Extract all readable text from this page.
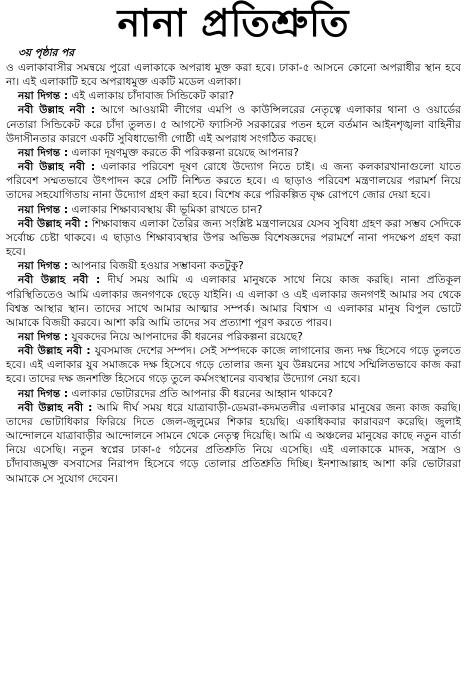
নানা প্রতিশ্রুতি
৩য় পৃষ্ঠার পর

ও এলাকাবাসীর সমন্বয়ে পুরো এলাকাকে অপরাধ মুক্ত করা হবে। ঢাকা-৫ আসনে কোনো অপরাধীর স্থান হবে না। এই এলাকাটি হবে অপরাধমুক্ত একটি মডেল এলাকা।

নয়া দিগন্ত : এই এলাকায় চাঁদাবাজ সিন্ডিকেট কারা?

নবী উল্লাহ নবী : আগে আওয়ামী লীগের এমপি ও কাউন্সিলরের নেতৃত্বে এলাকার থানা ও ওয়ার্ডের নেতারা সিন্ডিকেট করে চাঁদা তুলত। ৫ আগস্টে ফ্যাসিস্ট সরকারের পতন হলে বর্তমান আইনশৃঙ্খলা বাহিনীর উদাসীনতার কারণে একটি সুবিধাভোগী গোষ্ঠী এই অপরাধ সংগঠিত করছে।

নয়া দিগন্ত : এলাকা দূষণমুক্ত করতে কী পরিকল্পনা রয়েছে আপনার?

নবী উল্লাহ নবী : এলাকার পরিবেশ দূষণ রোধে উদ্যোগ নিতে চাই। এ জন্য কলকারখানাগুলো যাতে পরিবেশ সম্মতভাবে উৎপাদন করে সেটি নিশ্চিত করতে হবে। এ ছাড়াও পরিবেশ মন্ত্রণালয়ের পরামর্শ নিয়ে তাদের সহযোগিতায় নানা উদ্যোগ গ্রহণ করা হবে। বিশেষ করে পরিকল্পিত বৃক্ষ রোপণে জোর দেয়া হবে।

নয়া দিগন্ত : এলাকার শিক্ষাব্যবস্থায় কী ভূমিকা রাখতে চান?

নবী উল্লাহ নবী : শিক্ষাবান্ধব এলাকা তৈরির জন্য সংশ্লিষ্ট মন্ত্রণালয়ের যেসব সুবিধা গ্রহণ করা সম্ভব সেদিকে সর্বোচ্চ চেষ্টা থাকবে। এ ছাড়াও শিক্ষাব্যবস্থার উপর অভিজ্ঞ বিশেষজ্ঞদের পরামর্শে নানা পদক্ষেপ গ্রহণ করা হবে।

নয়া দিগন্ত : আপনার বিজয়ী হওয়ার সম্ভাবনা কতটুকু?

নবী উল্লাহ নবী : দীর্ঘ সময় আমি এ এলাকার মানুষকে সাথে নিয়ে কাজ করছি। নানা প্রতিকূল পরিস্থিতিতেও আমি এলাকার জনগণকে ছেড়ে যাইনি। এ এলাকা ও এই এলাকার জনগণই আমার সব থেকে বিশ্বস্ত আস্থার স্থান। তাদের সাথে আমার আত্মার সম্পর্ক। আমার বিশ্বাস এ এলাকার মানুষ বিপুল ভোটে আমাকে বিজয়ী করবে। আশা করি আমি তাদের সব প্রত্যাশা পূরণ করতে পারব।

নয়া দিগন্ত : যুবকদের নিয়ে আপনাদের কী ধরনের পরিকল্পনা রয়েছে?

নবী উল্লাহ নবী : যুবসমাজ দেশের সম্পদ। সেই সম্পদকে কাজে লাগানোর জন্য দক্ষ হিসেবে গড়ে তুলতে হবে। এই এলাকার যুব সমাজকে দক্ষ হিসেবে গড়ে তোলার জন্য যুব উন্নয়নের সাথে সম্মিলিতভাবে কাজ করা হবে। তাদের দক্ষ জনশক্তি হিসেবে গড়ে তুলে কর্মসংস্থানের ব্যবস্থার উদ্যোগ নেয়া হবে।

নয়া দিগন্ত : এলাকার ভোটারদের প্রতি আপনার কী ধরনের আহ্বান থাকবে?

নবী উল্লাহ নবী : আমি দীর্ঘ সময় ধরে যাত্রাবাড়ী-ডেমরা-কদমতলীর এলাকার মানুষের জন্য কাজ করছি। তাদের ভোটাধিকার ফিরিয়ে দিতে জেল-জুলুমের শিকার হয়েছি। একাধিকবার কারাবরণ করেছি। জুলাই আন্দোলনে যাত্রাবাড়ীর আন্দোলনে সামনে থেকে নেতৃত্ব দিয়েছি। আমি এ অঞ্চলের মানুষের কাছে নতুন বার্তা নিয়ে এসেছি। নতুন স্বপ্নের ঢাকা-৫ গঠনের প্রতিশ্রুতি নিয়ে এসেছি। এই এলাকাকে মাদক, সন্ত্রাস ও চাঁদাবাজমুক্ত বসবাসের নিরাপদ হিসেবে গড়ে তোলার প্রতিশ্রুতি দিচ্ছি। ইনশাআল্লাহ আশা করি ভোটাররা আমাকে সে সুযোগ দেবেন।
